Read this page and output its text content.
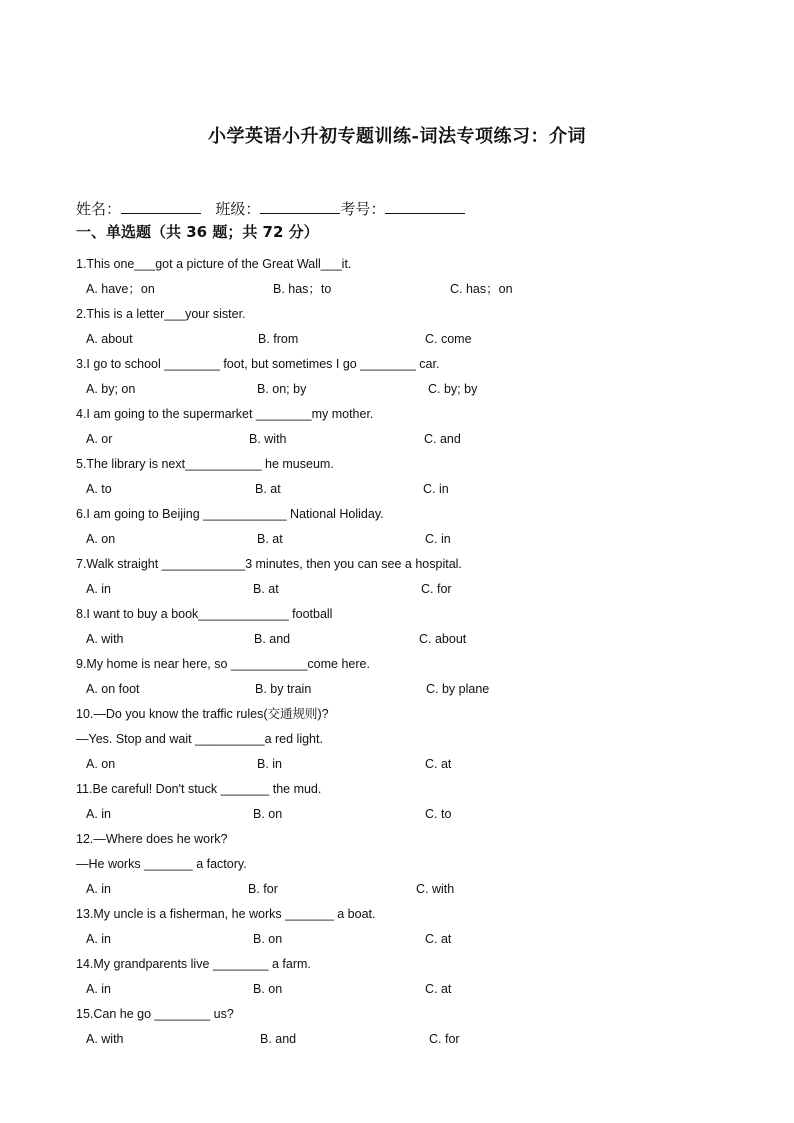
小学英语小升初专题训练-词法专项练习：介词
姓名：	班级：	考号：
一、单选题（共 36 题；共 72 分）
1.This one___got a picture of the Great Wall___it.
A. have；on	B. has；to	C. has；on
2.This is a letter___your sister.
A. about	B. from	C. come
3.I go to school ________ foot, but sometimes I go ________ car.
A. by; on	B. on; by	C. by; by
4.I am going to the supermarket ________my mother.
A. or	B. with	C. and
5.The library is next___________ he museum.
A. to	B. at	C. in
6.I am going to Beijing ____________ National Holiday.
A. on	B. at	C. in
7.Walk straight ____________3 minutes, then you can see a hospital.
A. in	B. at	C. for
8.I want to buy a book_____________ football
A. with	B. and	C. about
9.My home is near here, so ___________come here.
A. on foot	B. by train	C. by plane
10.—Do you know the traffic rules(交通规则)?
—Yes. Stop and wait __________a red light.
A. on	B. in	C. at
11.Be careful! Don't stuck _______ the mud.
A. in	B. on	C. to
12.—Where does he work?
—He works _______ a factory.
A. in	B. for	C. with
13.My uncle is a fisherman, he works _______ a boat.
A. in	B. on	C. at
14.My grandparents live ________ a farm.
A. in	B. on	C. at
15.Can he go ________ us?
A. with	B. and	C. for
